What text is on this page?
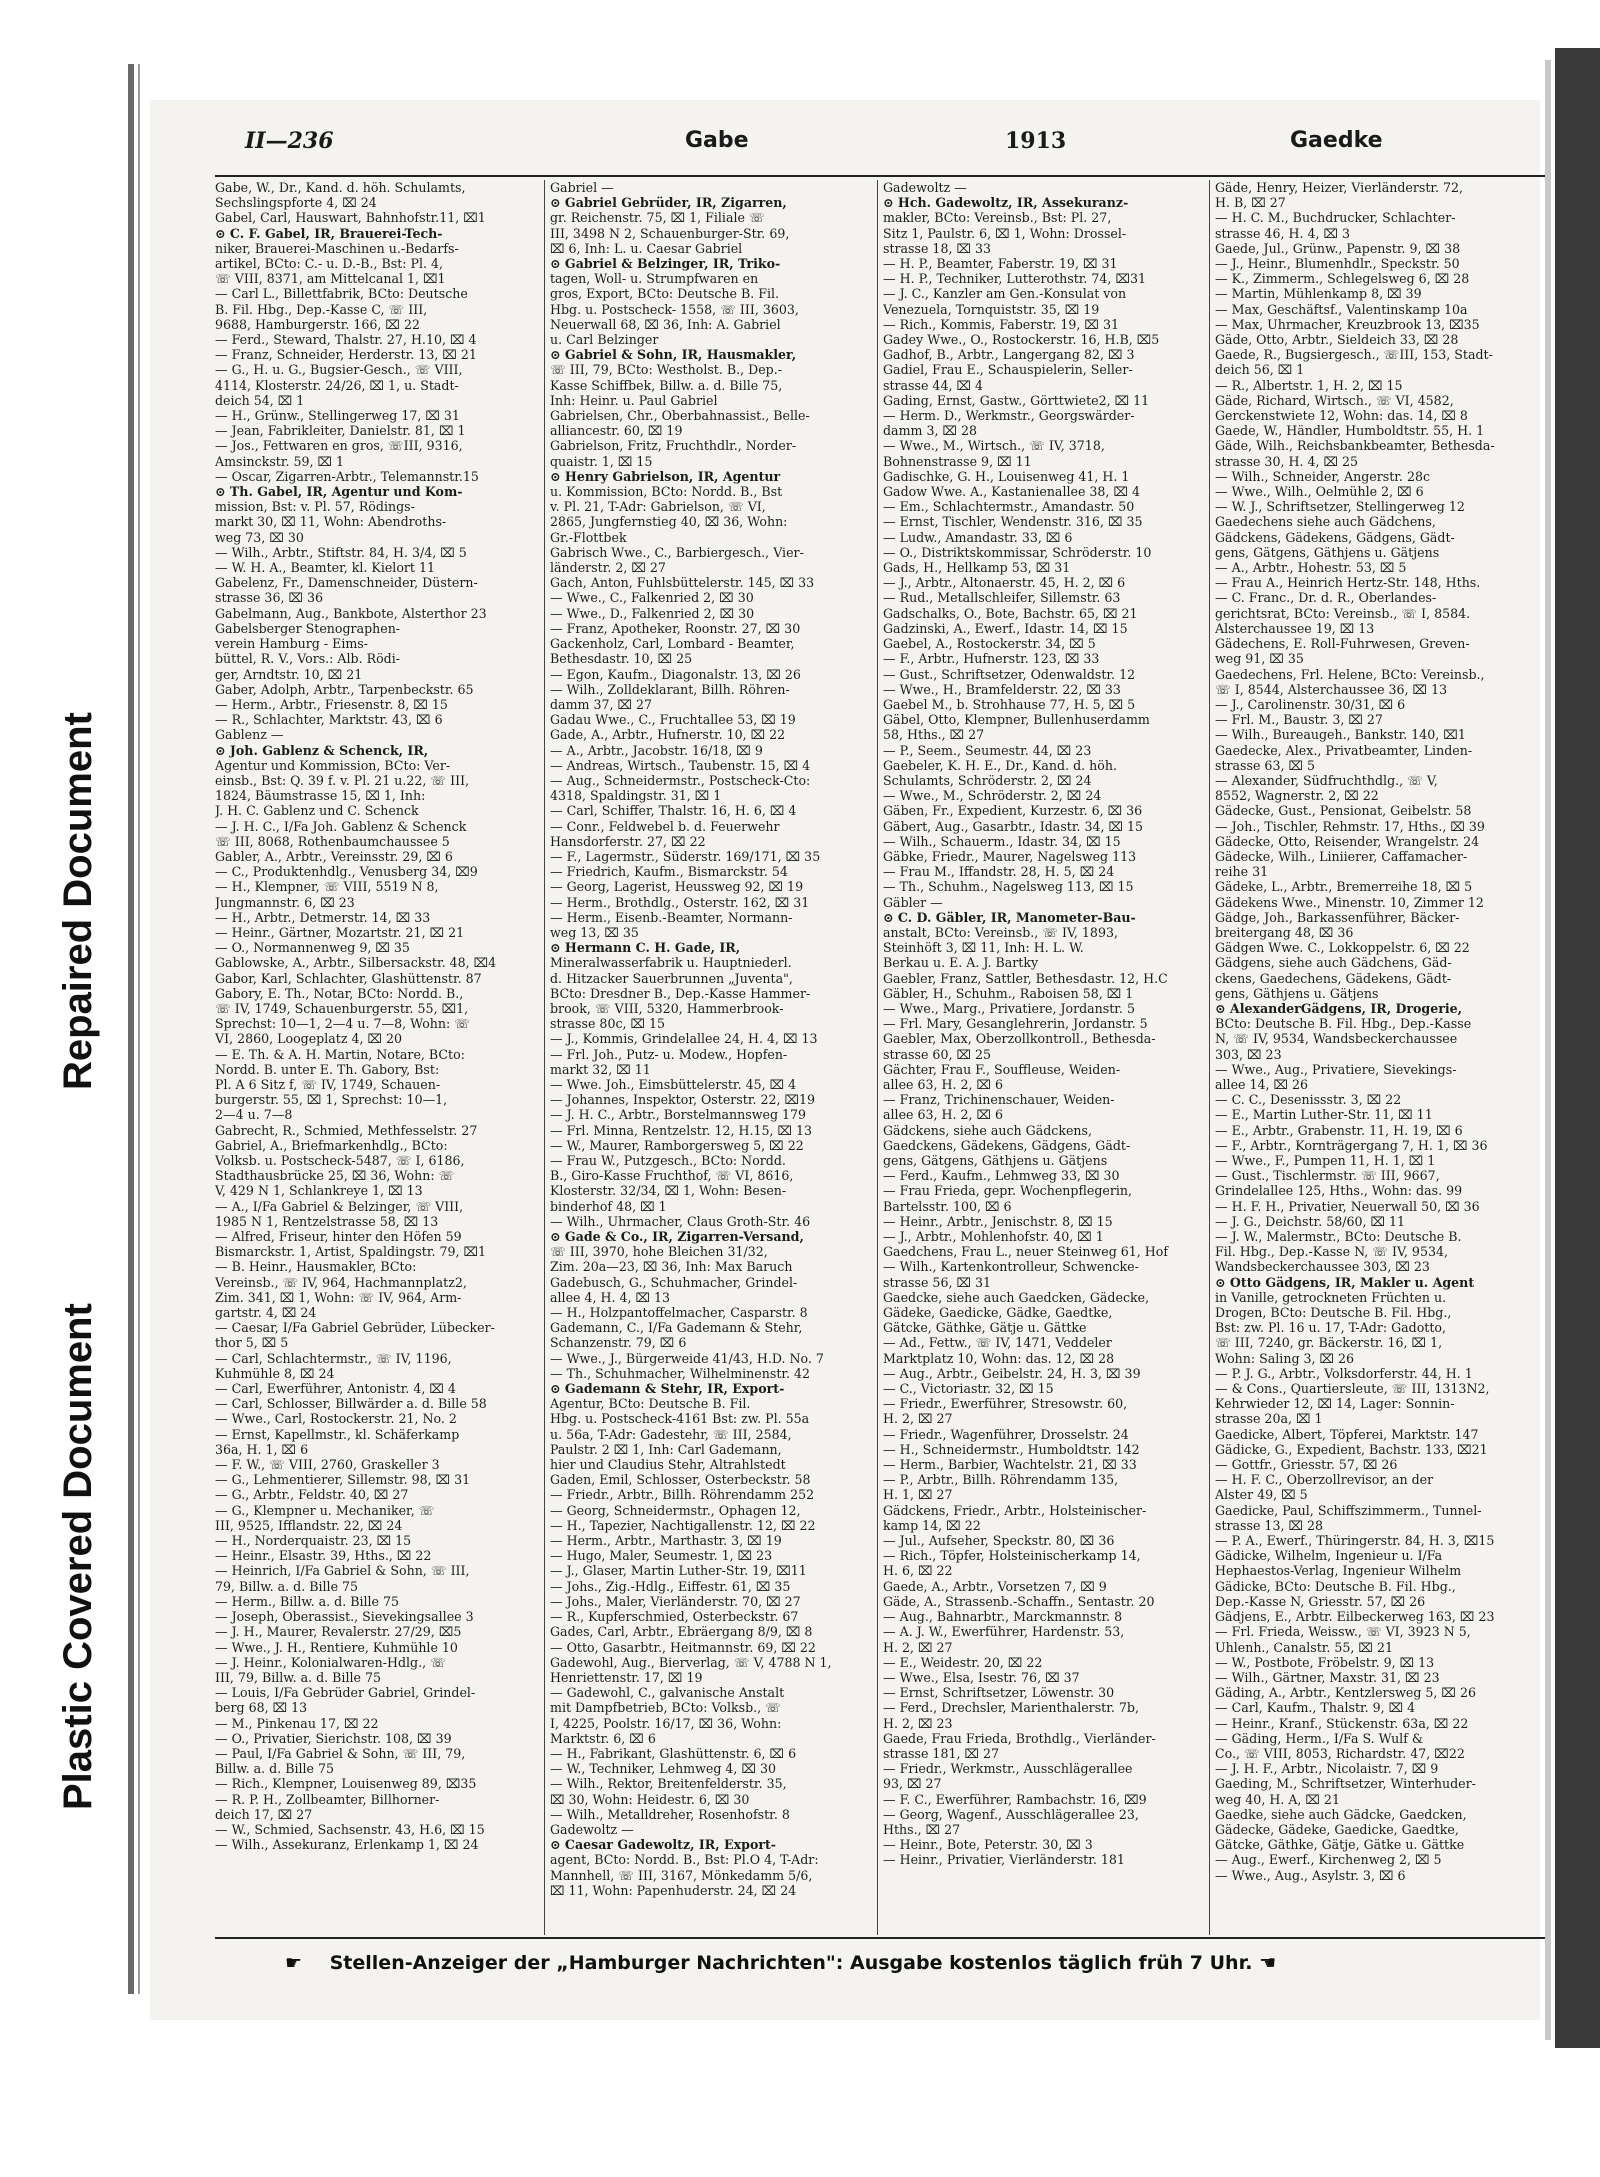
Repaired Document
Plastic Covered Document
II—236	Gabe	1913	Gaedke
Gabe, W., Dr., Kand. d. höh. Schulamts,
Sechslingspforte 4, ⌧ 24
Gabel, Carl, Hauswart, Bahnhofstr.11, ⌧1
⊙ C. F. Gabel, IR, Brauerei-Tech-
niker, Brauerei-Maschinen u.-Bedarfs-
artikel, BCto: C.- u. D.-B., Bst: Pl. 4,
☏ VIII, 8371, am Mittelcanal 1, ⌧1
— Carl L., Billettfabrik, BCto: Deutsche
B. Fil. Hbg., Dep.-Kasse C, ☏ III,
9688, Hamburgerstr. 166, ⌧ 22
— Ferd., Steward, Thalstr. 27, H.10, ⌧ 4
— Franz, Schneider, Herderstr. 13, ⌧ 21
— G., H. u. G., Bugsier-Gesch., ☏ VIII,
4114, Klosterstr. 24/26, ⌧ 1, u. Stadt-
deich 54, ⌧ 1
— H., Grünw., Stellingerweg 17, ⌧ 31
— Jean, Fabrikleiter, Danielstr. 81, ⌧ 1
— Jos., Fettwaren en gros, ☏III, 9316,
Amsinckstr. 59, ⌧ 1
— Oscar, Zigarren-Arbtr., Telemannstr.15
⊙ Th. Gabel, IR, Agentur und Kom-
mission, Bst: v. Pl. 57, Rödings-
markt 30, ⌧ 11, Wohn: Abendroths-
weg 73, ⌧ 30
— Wilh., Arbtr., Stiftstr. 84, H. 3/4, ⌧ 5
— W. H. A., Beamter, kl. Kielort 11
Gabelenz, Fr., Damenschneider, Düstern-
strasse 36, ⌧ 36
Gabelmann, Aug., Bankbote, Alsterthor 23
Gabelsberger Stenographen-
verein Hamburg - Eims-
büttel, R. V., Vors.: Alb. Rödi-
ger, Arndtstr. 10, ⌧ 21
Gaber, Adolph, Arbtr., Tarpenbeckstr. 65
— Herm., Arbtr., Friesenstr. 8, ⌧ 15
— R., Schlachter, Marktstr. 43, ⌧ 6
Gablenz —
⊙ Joh. Gablenz & Schenck, IR,
Agentur und Kommission, BCto: Ver-
einsb., Bst: Q. 39 f. v. Pl. 21 u.22, ☏ III,
1824, Bäumstrasse 15, ⌧ 1, Inh:
J. H. C. Gablenz und C. Schenck
— J. H. C., I/Fa Joh. Gablenz & Schenck
☏ III, 8068, Rothenbaumchaussee 5
Gabler, A., Arbtr., Vereinsstr. 29, ⌧ 6
— C., Produktenhdlg., Venusberg 34, ⌧9
— H., Klempner, ☏ VIII, 5519 N 8,
Jungmannstr. 6, ⌧ 23
— H., Arbtr., Detmerstr. 14, ⌧ 33
— Heinr., Gärtner, Mozartstr. 21, ⌧ 21
— O., Normannenweg 9, ⌧ 35
Gablowske, A., Arbtr., Silbersackstr. 48, ⌧4
Gabor, Karl, Schlachter, Glashüttenstr. 87
Gabory, E. Th., Notar, BCto: Nordd. B.,
☏ IV, 1749, Schauenburgerstr. 55, ⌧1,
Sprechst: 10—1, 2—4 u. 7—8, Wohn: ☏
VI, 2860, Loogeplatz 4, ⌧ 20
— E. Th. & A. H. Martin, Notare, BCto:
Nordd. B. unter E. Th. Gabory, Bst:
Pl. A 6 Sitz f, ☏ IV, 1749, Schauen-
burgerstr. 55, ⌧ 1, Sprechst: 10—1,
2—4 u. 7—8
Gabrecht, R., Schmied, Methfesselstr. 27
Gabriel, A., Briefmarkenhdlg., BCto:
Volksb. u. Postscheck-5487, ☏ I, 6186,
Stadthausbrücke 25, ⌧ 36, Wohn: ☏
V, 429 N 1, Schlankreye 1, ⌧ 13
— A., I/Fa Gabriel & Belzinger, ☏ VIII,
1985 N 1, Rentzelstrasse 58, ⌧ 13
— Alfred, Friseur, hinter den Höfen 59
Bismarckstr. 1, Artist, Spaldingstr. 79, ⌧1
— B. Heinr., Hausmakler, BCto:
Vereinsb., ☏ IV, 964, Hachmannplatz2,
Zim. 341, ⌧ 1, Wohn: ☏ IV, 964, Arm-
gartstr. 4, ⌧ 24
— Caesar, I/Fa Gabriel Gebrüder, Lübecker-
thor 5, ⌧ 5
— Carl, Schlachtermstr., ☏ IV, 1196,
Kuhmühle 8, ⌧ 24
— Carl, Ewerführer, Antonistr. 4, ⌧ 4
— Carl, Schlosser, Billwärder a. d. Bille 58
— Wwe., Carl, Rostockerstr. 21, No. 2
— Ernst, Kapellmstr., kl. Schäferkamp
36a, H. 1, ⌧ 6
— F. W., ☏ VIII, 2760, Graskeller 3
— G., Lehmentierer, Sillemstr. 98, ⌧ 31
— G., Arbtr., Feldstr. 40, ⌧ 27
— G., Klempner u. Mechaniker, ☏
III, 9525, Ifflandstr. 22, ⌧ 24
— H., Norderquaistr. 23, ⌧ 15
— Heinr., Elsastr. 39, Hths., ⌧ 22
— Heinrich, I/Fa Gabriel & Sohn, ☏ III,
79, Billw. a. d. Bille 75
— Herm., Billw. a. d. Bille 75
— Joseph, Oberassist., Sievekingsallee 3
— J. H., Maurer, Revalerstr. 27/29, ⌧5
— Wwe., J. H., Rentiere, Kuhmühle 10
— J. Heinr., Kolonialwaren-Hdlg., ☏
III, 79, Billw. a. d. Bille 75
— Louis, I/Fa Gebrüder Gabriel, Grindel-
berg 68, ⌧ 13
— M., Pinkenau 17, ⌧ 22
— O., Privatier, Sierichstr. 108, ⌧ 39
— Paul, I/Fa Gabriel & Sohn, ☏ III, 79,
Billw. a. d. Bille 75
— Rich., Klempner, Louisenweg 89, ⌧35
— R. P. H., Zollbeamter, Billhorner-
deich 17, ⌧ 27
— W., Schmied, Sachsenstr. 43, H.6, ⌧ 15
— Wilh., Assekuranz, Erlenkamp 1, ⌧ 24
Gabriel —
⊙ Gabriel Gebrüder, IR, Zigarren,
gr. Reichenstr. 75, ⌧ 1, Filiale ☏
III, 3498 N 2, Schauenburger-Str. 69,
⌧ 6, Inh: L. u. Caesar Gabriel
⊙ Gabriel & Belzinger, IR, Triko-
tagen, Woll- u. Strumpfwaren en
gros, Export, BCto: Deutsche B. Fil.
Hbg. u. Postscheck- 1558, ☏ III, 3603,
Neuerwall 68, ⌧ 36, Inh: A. Gabriel
u. Carl Belzinger
⊙ Gabriel & Sohn, IR, Hausmakler,
☏ III, 79, BCto: Westholst. B., Dep.-
Kasse Schiffbek, Billw. a. d. Bille 75,
Inh: Heinr. u. Paul Gabriel
Gabrielsen, Chr., Oberbahnassist., Belle-
alliancestr. 60, ⌧ 19
Gabrielson, Fritz, Fruchthdlr., Norder-
quaistr. 1, ⌧ 15
⊙ Henry Gabrielson, IR, Agentur
u. Kommission, BCto: Nordd. B., Bst
v. Pl. 21, T-Adr: Gabrielson, ☏ VI,
2865, Jungfernstieg 40, ⌧ 36, Wohn:
Gr.-Flottbek
Gabrisch Wwe., C., Barbiergesch., Vier-
länderstr. 2, ⌧ 27
Gach, Anton, Fuhlsbüttelerstr. 145, ⌧ 33
— Wwe., C., Falkenried 2, ⌧ 30
— Wwe., D., Falkenried 2, ⌧ 30
— Franz, Apotheker, Roonstr. 27, ⌧ 30
Gackenholz, Carl, Lombard - Beamter,
Bethesdastr. 10, ⌧ 25
— Egon, Kaufm., Diagonalstr. 13, ⌧ 26
— Wilh., Zolldeklarant, Billh. Röhren-
damm 37, ⌧ 27
Gadau Wwe., C., Fruchtallee 53, ⌧ 19
Gade, A., Arbtr., Hufnerstr. 10, ⌧ 22
— A., Arbtr., Jacobstr. 16/18, ⌧ 9
— Andreas, Wirtsch., Taubenstr. 15, ⌧ 4
— Aug., Schneidermstr., Postscheck-Cto:
4318, Spaldingstr. 31, ⌧ 1
— Carl, Schiffer, Thalstr. 16, H. 6, ⌧ 4
— Conr., Feldwebel b. d. Feuerwehr
Hansdorferstr. 27, ⌧ 22
— F., Lagermstr., Süderstr. 169/171, ⌧ 35
— Friedrich, Kaufm., Bismarckstr. 54
— Georg, Lagerist, Heussweg 92, ⌧ 19
— Herm., Brothdlg., Osterstr. 162, ⌧ 31
— Herm., Eisenb.-Beamter, Normann-
weg 13, ⌧ 35
⊙ Hermann C. H. Gade, IR,
Mineralwasserfabrik u. Hauptniederl.
d. Hitzacker Sauerbrunnen „Juventa",
BCto: Dresdner B., Dep.-Kasse Hammer-
brook, ☏ VIII, 5320, Hammerbrook-
strasse 80c, ⌧ 15
— J., Kommis, Grindelallee 24, H. 4, ⌧ 13
— Frl. Joh., Putz- u. Modew., Hopfen-
markt 32, ⌧ 11
— Wwe. Joh., Eimsbüttelerstr. 45, ⌧ 4
— Johannes, Inspektor, Osterstr. 22, ⌧19
— J. H. C., Arbtr., Borstelmannsweg 179
— Frl. Minna, Rentzelstr. 12, H.15, ⌧ 13
— W., Maurer, Ramborgersweg 5, ⌧ 22
— Frau W., Putzgesch., BCto: Nordd.
B., Giro-Kasse Fruchthof, ☏ VI, 8616,
Klosterstr. 32/34, ⌧ 1, Wohn: Besen-
binderhof 48, ⌧ 1
— Wilh., Uhrmacher, Claus Groth-Str. 46
⊙ Gade & Co., IR, Zigarren-Versand,
☏ III, 3970, hohe Bleichen 31/32,
Zim. 20a—23, ⌧ 36, Inh: Max Baruch
Gadebusch, G., Schuhmacher, Grindel-
allee 4, H. 4, ⌧ 13
— H., Holzpantoffelmacher, Casparstr. 8
Gademann, C., I/Fa Gademann & Stehr,
Schanzenstr. 79, ⌧ 6
— Wwe., J., Bürgerweide 41/43, H.D. No. 7
— Th., Schuhmacher, Wilhelminenstr. 42
⊙ Gademann & Stehr, IR, Export-
Agentur, BCto: Deutsche B. Fil.
Hbg. u. Postscheck-4161 Bst: zw. Pl. 55a
u. 56a, T-Adr: Gadestehr, ☏ III, 2584,
Paulstr. 2 ⌧ 1, Inh: Carl Gademann,
hier und Claudius Stehr, Altrahlstedt
Gaden, Emil, Schlosser, Osterbeckstr. 58
— Friedr., Arbtr., Billh. Röhrendamm 252
— Georg, Schneidermstr., Ophagen 12,
— H., Tapezier, Nachtigallenstr. 12, ⌧ 22
— Herm., Arbtr., Marthastr. 3, ⌧ 19
— Hugo, Maler, Seumestr. 1, ⌧ 23
— J., Glaser, Martin Luther-Str. 19, ⌧11
— Johs., Zig.-Hdlg., Eiffestr. 61, ⌧ 35
— Johs., Maler, Vierländerstr. 70, ⌧ 27
— R., Kupferschmied, Osterbeckstr. 67
Gades, Carl, Arbtr., Ebräergang 8/9, ⌧ 8
— Otto, Gasarbtr., Heitmannstr. 69, ⌧ 22
Gadewohl, Aug., Bierverlag, ☏ V, 4788 N 1,
Henriettenstr. 17, ⌧ 19
— Gadewohl, C., galvanische Anstalt
mit Dampfbetrieb, BCto: Volksb., ☏
I, 4225, Poolstr. 16/17, ⌧ 36, Wohn:
Marktstr. 6, ⌧ 6
— H., Fabrikant, Glashüttenstr. 6, ⌧ 6
— W., Techniker, Lehmweg 4, ⌧ 30
— Wilh., Rektor, Breitenfelderstr. 35,
⌧ 30, Wohn: Heidestr. 6, ⌧ 30
— Wilh., Metalldreher, Rosenhofstr. 8
Gadewoltz —
⊙ Caesar Gadewoltz, IR, Export-
agent, BCto: Nordd. B., Bst: Pl.O 4, T-Adr:
Mannhell, ☏ III, 3167, Mönkedamm 5/6,
⌧ 11, Wohn: Papenhuderstr. 24, ⌧ 24
Gadewoltz —
⊙ Hch. Gadewoltz, IR, Assekuranz-
makler, BCto: Vereinsb., Bst: Pl. 27,
Sitz 1, Paulstr. 6, ⌧ 1, Wohn: Drossel-
strasse 18, ⌧ 33
— H. P., Beamter, Faberstr. 19, ⌧ 31
— H. P., Techniker, Lutterothstr. 74, ⌧31
— J. C., Kanzler am Gen.-Konsulat von
Venezuela, Tornquiststr. 35, ⌧ 19
— Rich., Kommis, Faberstr. 19, ⌧ 31
Gadey Wwe., O., Rostockerstr. 16, H.B, ⌧5
Gadhof, B., Arbtr., Langergang 82, ⌧ 3
Gadiel, Frau E., Schauspielerin, Seller-
strasse 44, ⌧ 4
Gading, Ernst, Gastw., Görttwiete2, ⌧ 11
— Herm. D., Werkmstr., Georgswärder-
damm 3, ⌧ 28
— Wwe., M., Wirtsch., ☏ IV, 3718,
Bohnenstrasse 9, ⌧ 11
Gadischke, G. H., Louisenweg 41, H. 1
Gadow Wwe. A., Kastanienallee 38, ⌧ 4
— Em., Schlachtermstr., Amandastr. 50
— Ernst, Tischler, Wendenstr. 316, ⌧ 35
— Ludw., Amandastr. 33, ⌧ 6
— O., Distriktskommissar, Schröderstr. 10
Gads, H., Hellkamp 53, ⌧ 31
— J., Arbtr., Altonaerstr. 45, H. 2, ⌧ 6
— Rud., Metallschleifer, Sillemstr. 63
Gadschalks, O., Bote, Bachstr. 65, ⌧ 21
Gadzinski, A., Ewerf., Idastr. 14, ⌧ 15
Gaebel, A., Rostockerstr. 34, ⌧ 5
— F., Arbtr., Hufnerstr. 123, ⌧ 33
— Gust., Schriftsetzer, Odenwaldstr. 12
— Wwe., H., Bramfelderstr. 22, ⌧ 33
Gaebel M., b. Strohhause 77, H. 5, ⌧ 5
Gäbel, Otto, Klempner, Bullenhuserdamm
58, Hths., ⌧ 27
— P., Seem., Seumestr. 44, ⌧ 23
Gaebeler, K. H. E., Dr., Kand. d. höh.
Schulamts, Schröderstr. 2, ⌧ 24
— Wwe., M., Schröderstr. 2, ⌧ 24
Gäben, Fr., Expedient, Kurzestr. 6, ⌧ 36
Gäbert, Aug., Gasarbtr., Idastr. 34, ⌧ 15
— Wilh., Schauerm., Idastr. 34, ⌧ 15
Gäbke, Friedr., Maurer, Nagelsweg 113
— Frau M., Iffandstr. 28, H. 5, ⌧ 24
— Th., Schuhm., Nagelsweg 113, ⌧ 15
Gäbler —
⊙ C. D. Gäbler, IR, Manometer-Bau-
anstalt, BCto: Vereinsb., ☏ IV, 1893,
Steinhöft 3, ⌧ 11, Inh: H. L. W.
Berkau u. E. A. J. Bartky
Gaebler, Franz, Sattler, Bethesdastr. 12, H.C
Gäbler, H., Schuhm., Raboisen 58, ⌧ 1
— Wwe., Marg., Privatiere, Jordanstr. 5
— Frl. Mary, Gesanglehrerin, Jordanstr. 5
Gaebler, Max, Oberzollkontroll., Bethesda-
strasse 60, ⌧ 25
Gächter, Frau F., Souffleuse, Weiden-
allee 63, H. 2, ⌧ 6
— Franz, Trichinenschauer, Weiden-
allee 63, H. 2, ⌧ 6
Gädckens, siehe auch Gädckens,
Gaedckens, Gädekens, Gädgens, Gädt-
gens, Gätgens, Gäthjens u. Gätjens
— Ferd., Kaufm., Lehmweg 33, ⌧ 30
— Frau Frieda, gepr. Wochenpflegerin,
Bartelsstr. 100, ⌧ 6
— Heinr., Arbtr., Jenischstr. 8, ⌧ 15
— J., Arbtr., Mohlenhofstr. 40, ⌧ 1
Gaedchens, Frau L., neuer Steinweg 61, Hof
— Wilh., Kartenkontrolleur, Schwencke-
strasse 56, ⌧ 31
Gaedcke, siehe auch Gaedcken, Gädecke,
Gädeke, Gaedicke, Gädke, Gaedtke,
Gätcke, Gäthke, Gätje u. Gättke
— Ad., Fettw., ☏ IV, 1471, Veddeler
Marktplatz 10, Wohn: das. 12, ⌧ 28
— Aug., Arbtr., Geibelstr. 24, H. 3, ⌧ 39
— C., Victoriastr. 32, ⌧ 15
— Friedr., Ewerführer, Stresowstr. 60,
H. 2, ⌧ 27
— Friedr., Wagenführer, Drosselstr. 24
— H., Schneidermstr., Humboldtstr. 142
— Herm., Barbier, Wachtelstr. 21, ⌧ 33
— P., Arbtr., Billh. Röhrendamm 135,
H. 1, ⌧ 27
Gädckens, Friedr., Arbtr., Holsteinischer-
kamp 14, ⌧ 22
— Jul., Aufseher, Speckstr. 80, ⌧ 36
— Rich., Töpfer, Holsteinischerkamp 14,
H. 6, ⌧ 22
Gaede, A., Arbtr., Vorsetzen 7, ⌧ 9
Gäde, A., Strassenb.-Schaffn., Sentastr. 20
— Aug., Bahnarbtr., Marckmannstr. 8
— A. J. W., Ewerführer, Hardenstr. 53,
H. 2, ⌧ 27
— E., Weidestr. 20, ⌧ 22
— Wwe., Elsa, Isestr. 76, ⌧ 37
— Ernst, Schriftsetzer, Löwenstr. 30
— Ferd., Drechsler, Marienthalerstr. 7b,
H. 2, ⌧ 23
Gaede, Frau Frieda, Brothdlg., Vierländer-
strasse 181, ⌧ 27
— Friedr., Werkmstr., Ausschlägerallee
93, ⌧ 27
— F. C., Ewerführer, Rambachstr. 16, ⌧9
— Georg, Wagenf., Ausschlägerallee 23,
Hths., ⌧ 27
— Heinr., Bote, Peterstr. 30, ⌧ 3
— Heinr., Privatier, Vierländerstr. 181
Gäde, Henry, Heizer, Vierländerstr. 72,
H. B, ⌧ 27
— H. C. M., Buchdrucker, Schlachter-
strasse 46, H. 4, ⌧ 3
Gaede, Jul., Grünw., Papenstr. 9, ⌧ 38
— J., Heinr., Blumenhdlr., Speckstr. 50
— K., Zimmerm., Schlegelsweg 6, ⌧ 28
— Martin, Mühlenkamp 8, ⌧ 39
— Max, Geschäftsf., Valentinskamp 10a
— Max, Uhrmacher, Kreuzbrook 13, ⌧35
Gäde, Otto, Arbtr., Sieldeich 33, ⌧ 28
Gaede, R., Bugsiergesch., ☏III, 153, Stadt-
deich 56, ⌧ 1
— R., Albertstr. 1, H. 2, ⌧ 15
Gäde, Richard, Wirtsch., ☏ VI, 4582,
Gerckenstwiete 12, Wohn: das. 14, ⌧ 8
Gaede, W., Händler, Humboldtstr. 55, H. 1
Gäde, Wilh., Reichsbankbeamter, Bethesda-
strasse 30, H. 4, ⌧ 25
— Wilh., Schneider, Angerstr. 28c
— Wwe., Wilh., Oelmühle 2, ⌧ 6
— W. J., Schriftsetzer, Stellingerweg 12
Gaedechens siehe auch Gädchens,
Gädckens, Gädekens, Gädgens, Gädt-
gens, Gätgens, Gäthjens u. Gätjens
— A., Arbtr., Hohestr. 53, ⌧ 5
— Frau A., Heinrich Hertz-Str. 148, Hths.
— C. Franc., Dr. d. R., Oberlandes-
gerichtsrat, BCto: Vereinsb., ☏ I, 8584.
Alsterchaussee 19, ⌧ 13
Gädechens, E. Roll-Fuhrwesen, Greven-
weg 91, ⌧ 35
Gaedechens, Frl. Helene, BCto: Vereinsb.,
☏ I, 8544, Alsterchaussee 36, ⌧ 13
— J., Carolinenstr. 30/31, ⌧ 6
— Frl. M., Baustr. 3, ⌧ 27
— Wilh., Bureaugeh., Bankstr. 140, ⌧1
Gaedecke, Alex., Privatbeamter, Linden-
strasse 63, ⌧ 5
— Alexander, Südfruchthdlg., ☏ V,
8552, Wagnerstr. 2, ⌧ 22
Gädecke, Gust., Pensionat, Geibelstr. 58
— Joh., Tischler, Rehmstr. 17, Hths., ⌧ 39
Gädecke, Otto, Reisender, Wrangelstr. 24
Gädecke, Wilh., Liniierer, Caffamacher-
reihe 31
Gädeke, L., Arbtr., Bremerreihe 18, ⌧ 5
Gädekens Wwe., Minenstr. 10, Zimmer 12
Gädge, Joh., Barkassenführer, Bäcker-
breitergang 48, ⌧ 36
Gädgen Wwe. C., Lokkoppelstr. 6, ⌧ 22
Gädgens, siehe auch Gädchens, Gäd-
ckens, Gaedechens, Gädekens, Gädt-
gens, Gäthjens u. Gätjens
⊙ AlexanderGädgens, IR, Drogerie,
BCto: Deutsche B. Fil. Hbg., Dep.-Kasse
N, ☏ IV, 9534, Wandsbeckerchaussee
303, ⌧ 23
— Wwe., Aug., Privatiere, Sievekings-
allee 14, ⌧ 26
— C. C., Desenissstr. 3, ⌧ 22
— E., Martin Luther-Str. 11, ⌧ 11
— E., Arbtr., Grabenstr. 11, H. 19, ⌧ 6
— F., Arbtr., Kornträgergang 7, H. 1, ⌧ 36
— Wwe., F., Pumpen 11, H. 1, ⌧ 1
— Gust., Tischlermstr. ☏ III, 9667,
Grindelallee 125, Hths., Wohn: das. 99
— H. F. H., Privatier, Neuerwall 50, ⌧ 36
— J. G., Deichstr. 58/60, ⌧ 11
— J. W., Malermstr., BCto: Deutsche B.
Fil. Hbg., Dep.-Kasse N, ☏ IV, 9534,
Wandsbeckerchaussee 303, ⌧ 23
⊙ Otto Gädgens, IR, Makler u. Agent
in Vanille, getrockneten Früchten u.
Drogen, BCto: Deutsche B. Fil. Hbg.,
Bst: zw. Pl. 16 u. 17, T-Adr: Gadotto,
☏ III, 7240, gr. Bäckerstr. 16, ⌧ 1,
Wohn: Saling 3, ⌧ 26
— P. J. G., Arbtr., Volksdorferstr. 44, H. 1
— & Cons., Quartiersleute, ☏ III, 1313N2,
Kehrwieder 12, ⌧ 14, Lager: Sonnin-
strasse 20a, ⌧ 1
Gaedicke, Albert, Töpferei, Marktstr. 147
Gädicke, G., Expedient, Bachstr. 133, ⌧21
— Gottfr., Griesstr. 57, ⌧ 26
— H. F. C., Oberzollrevisor, an der
Alster 49, ⌧ 5
Gaedicke, Paul, Schiffszimmerm., Tunnel-
strasse 13, ⌧ 28
— P. A., Ewerf., Thüringerstr. 84, H. 3, ⌧15
Gädicke, Wilhelm, Ingenieur u. I/Fa
Hephaestos-Verlag, Ingenieur Wilhelm
Gädicke, BCto: Deutsche B. Fil. Hbg.,
Dep.-Kasse N, Griesstr. 57, ⌧ 26
Gädjens, E., Arbtr. Eilbeckerweg 163, ⌧ 23
— Frl. Frieda, Weissw., ☏ VI, 3923 N 5,
Uhlenh., Canalstr. 55, ⌧ 21
— W., Postbote, Fröbelstr. 9, ⌧ 13
— Wilh., Gärtner, Maxstr. 31, ⌧ 23
Gäding, A., Arbtr., Kentzlersweg 5, ⌧ 26
— Carl, Kaufm., Thalstr. 9, ⌧ 4
— Heinr., Kranf., Stückenstr. 63a, ⌧ 22
— Gäding, Herm., I/Fa S. Wulf &
Co., ☏ VIII, 8053, Richardstr. 47, ⌧22
— J. H. F., Arbtr., Nicolaistr. 7, ⌧ 9
Gaeding, M., Schriftsetzer, Winterhuder-
weg 40, H. A, ⌧ 21
Gaedke, siehe auch Gädcke, Gaedcken,
Gädecke, Gädeke, Gaedicke, Gaedtke,
Gätcke, Gäthke, Gätje, Gätke u. Gättke
— Aug., Ewerf., Kirchenweg 2, ⌧ 5
— Wwe., Aug., Asylstr. 3, ⌧ 6
☛ Stellen-Anzeiger der „Hamburger Nachrichten": Ausgabe kostenlos täglich früh 7 Uhr. ☚
